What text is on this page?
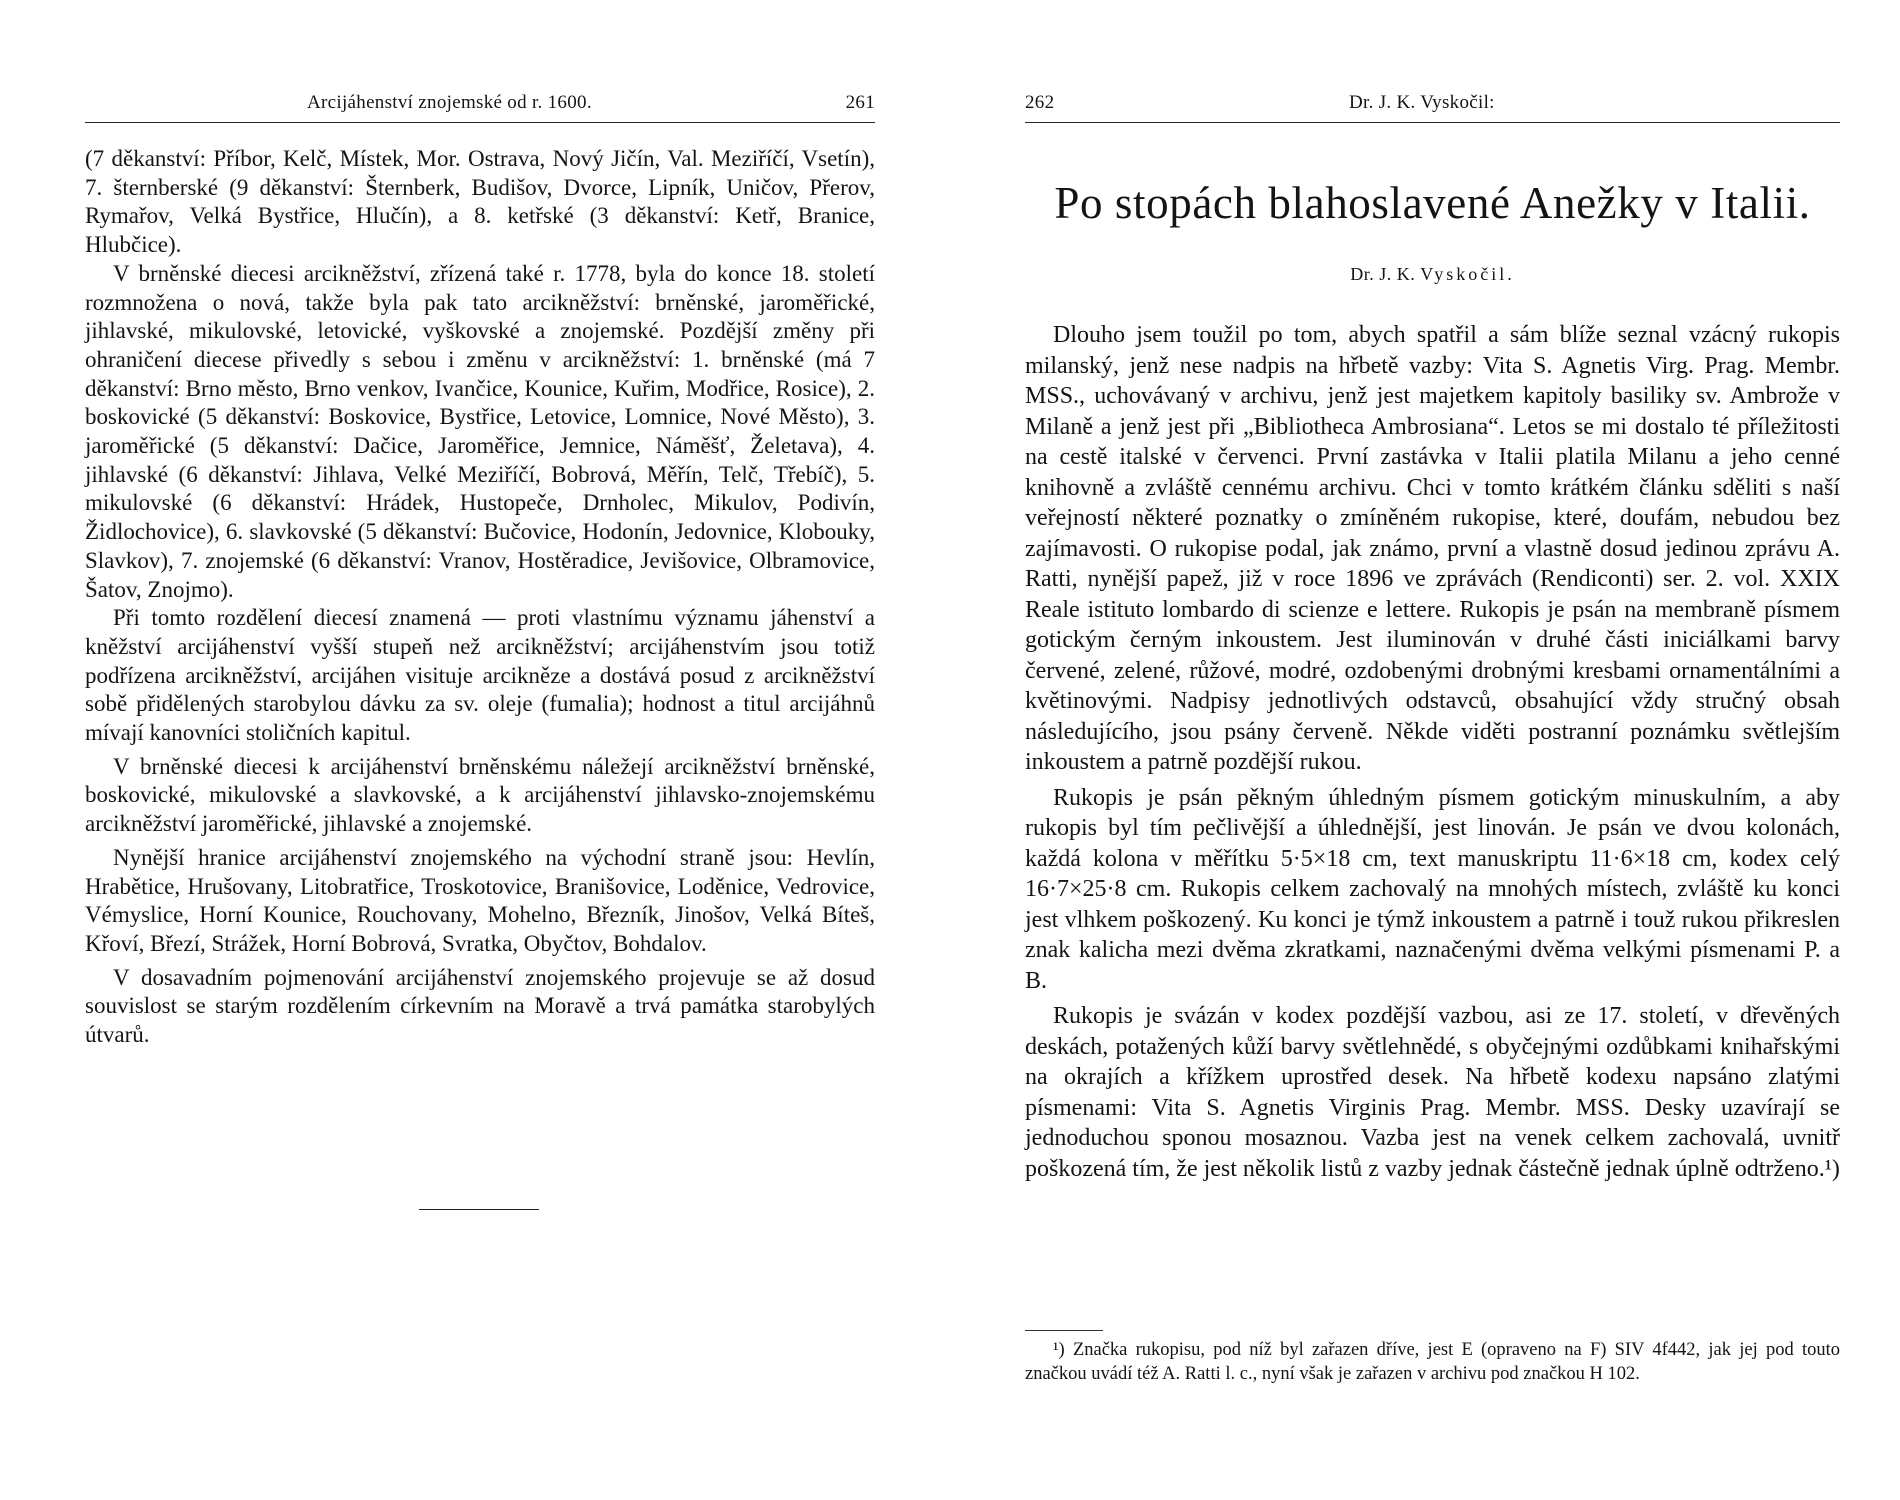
Arcijáhenství znojemské od r. 1600.	261

(7 děkanství: Příbor, Kelč, Místek, Mor. Ostrava, Nový Jičín, Val. Meziříčí, Vsetín), 7. šternberské (9 děkanství: Šternberk, Budišov, Dvorce, Lipník, Uničov, Přerov, Rymařov, Velká Bystřice, Hlučín), a 8. ketřské (3 děkanství: Ketř, Branice, Hlubčice).

V brněnské diecesi arcikněžství, zřízená také r. 1778, byla do konce 18. století rozmnožena o nová, takže byla pak tato arcikněžství: brněnské, jaroměřické, jihlavské, mikulovské, letovické, vyškovské a znojemské. Pozdější změny při ohraničení diecese přivedly s sebou i změnu v arcikněžství: 1. brněnské (má 7 děkanství: Brno město, Brno venkov, Ivančice, Kounice, Kuřim, Modřice, Rosice), 2. boskovické (5 děkanství: Boskovice, Bystřice, Letovice, Lomnice, Nové Město), 3. jaroměřické (5 děkanství: Dačice, Jaroměřice, Jemnice, Náměšť, Želetava), 4. jihlavské (6 děkanství: Jihlava, Velké Meziříčí, Bobrová, Měřín, Telč, Třebíč), 5. mikulovské (6 děkanství: Hrádek, Hustopeče, Drnholec, Mikulov, Podivín, Židlochovice), 6. slavkovské (5 děkanství: Bučovice, Hodonín, Jedovnice, Klobouky, Slavkov), 7. znojemské (6 děkanství: Vranov, Hostěradice, Jevišovice, Olbramovice, Šatov, Znojmo).

Při tomto rozdělení diecesí znamená — proti vlastnímu významu jáhenství a kněžství arcijáhenství vyšší stupeň než arcikněžství; arcijáhenstvím jsou totiž podřízena arcikněžství, arcijáhen visituje arcikněze a dostává posud z arcikněžství sobě přidělených starobylou dávku za sv. oleje (fumalia); hodnost a titul arcijáhnů mívají kanovníci stoličních kapitul.

V brněnské diecesi k arcijáhenství brněnskému náležejí arcikněžství brněnské, boskovické, mikulovské a slavkovské, a k arcijáhenství jihlavsko-znojemskému arcikněžství jaroměřické, jihlavské a znojemské.

Nynější hranice arcijáhenství znojemského na východní straně jsou: Hevlín, Hrabětice, Hrušovany, Litobratřice, Troskotovice, Branišovice, Loděnice, Vedrovice, Vémyslice, Horní Kounice, Rouchovany, Mohelno, Březník, Jinošov, Velká Bíteš, Křoví, Březí, Strážek, Horní Bobrová, Svratka, Obyčtov, Bohdalov.

V dosavadním pojmenování arcijáhenství znojemského projevuje se až dosud souvislost se starým rozdělením církevním na Moravě a trvá památka starobylých útvarů.

262	Dr. J. K. Vyskočil:
Po stopách blahoslavené Anežky v Italii.
Dr. J. K. Vyskočil.

Dlouho jsem toužil po tom, abych spatřil a sám blíže seznal vzácný rukopis milanský, jenž nese nadpis na hřbetě vazby: Vita S. Agnetis Virg. Prag. Membr. MSS., uchovávaný v archivu, jenž jest majetkem kapitoly basiliky sv. Ambrože v Milaně a jenž jest při „Bibliotheca Ambrosiana“. Letos se mi dostalo té příležitosti na cestě italské v červenci. První zastávka v Italii platila Milanu a jeho cenné knihovně a zvláště cennému archivu. Chci v tomto krátkém článku sděliti s naší veřejností některé poznatky o zmíněném rukopise, které, doufám, nebudou bez zajímavosti. O rukopise podal, jak známo, první a vlastně dosud jedinou zprávu A. Ratti, nynější papež, již v roce 1896 ve zprávách (Rendiconti) ser. 2. vol. XXIX Reale istituto lombardo di scienze e lettere. Rukopis je psán na membraně písmem gotickým černým inkoustem. Jest iluminován v druhé části iniciálkami barvy červené, zelené, růžové, modré, ozdobenými drobnými kresbami ornamentálními a květinovými. Nadpisy jednotlivých odstavců, obsahující vždy stručný obsah následujícího, jsou psány červeně. Někde viděti postranní poznámku světlejším inkoustem a patrně pozdější rukou.

Rukopis je psán pěkným úhledným písmem gotickým minuskulním, a aby rukopis byl tím pečlivější a úhlednější, jest linován. Je psán ve dvou kolonách, každá kolona v měřítku 5·5×18 cm, text manuskriptu 11·6×18 cm, kodex celý 16·7×25·8 cm. Rukopis celkem zachovalý na mnohých místech, zvláště ku konci jest vlhkem poškozený. Ku konci je týmž inkoustem a patrně i touž rukou přikreslen znak kalicha mezi dvěma zkratkami, naznačenými dvěma velkými písmenami P. a B.

Rukopis je svázán v kodex pozdější vazbou, asi ze 17. století, v dřevěných deskách, potažených kůží barvy světlehnědé, s obyčejnými ozdůbkami knihařskými na okrajích a křížkem uprostřed desek. Na hřbetě kodexu napsáno zlatými písmenami: Vita S. Agnetis Virginis Prag. Membr. MSS. Desky uzavírají se jednoduchou sponou mosaznou. Vazba jest na venek celkem zachovalá, uvnitř poškozená tím, že jest několik listů z vazby jednak částečně jednak úplně odtrženo.¹)

¹) Značka rukopisu, pod níž byl zařazen dříve, jest E (opraveno na F) SIV 4f442, jak jej pod touto značkou uvádí též A. Ratti l. c., nyní však je zařazen v archivu pod značkou H 102.
